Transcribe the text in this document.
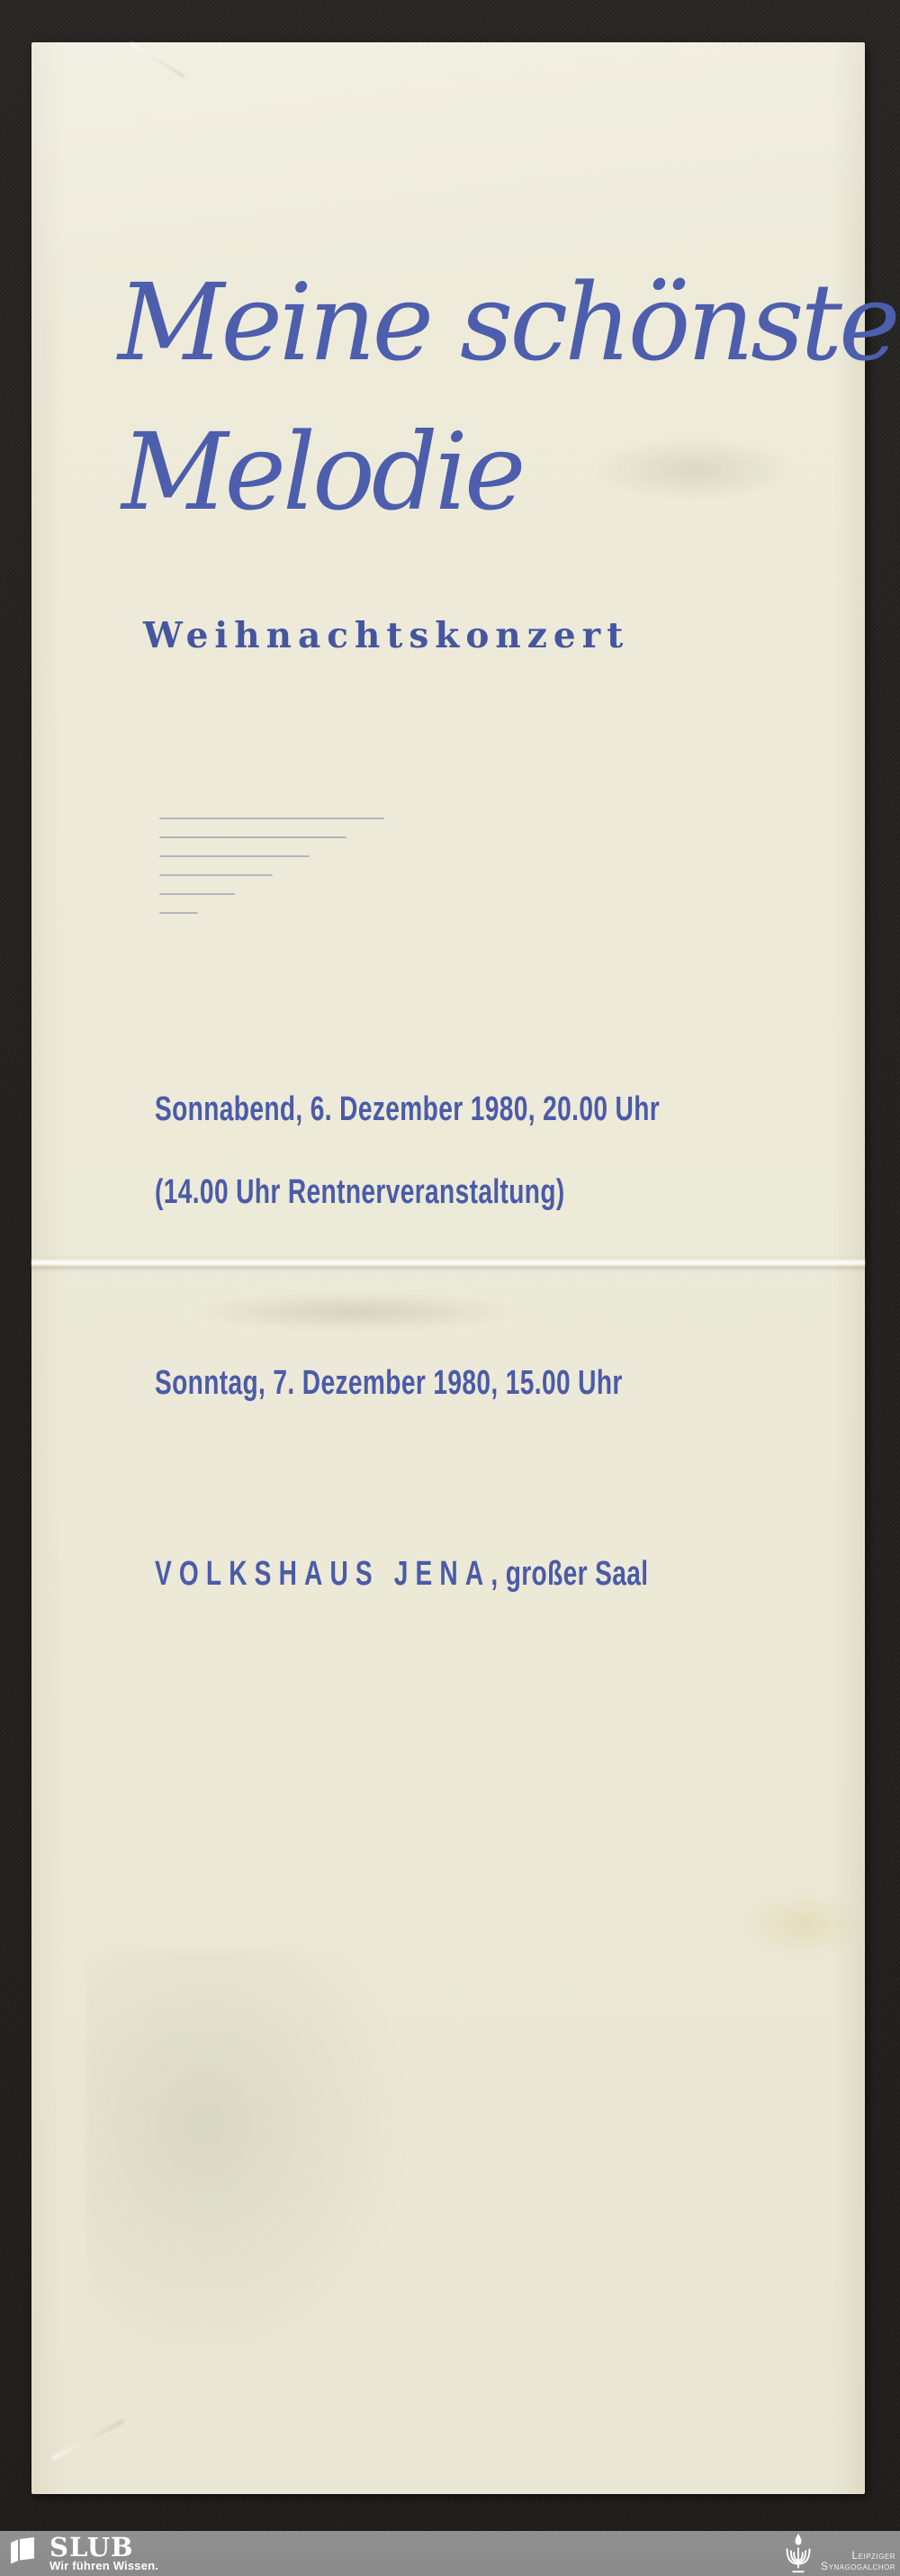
Meine schönste
Melodie
Weihnachtskonzert
Sonnabend, 6. Dezember 1980, 20.00 Uhr
(14.00 Uhr Rentnerveranstaltung)
Sonntag, 7. Dezember 1980, 15.00 Uhr
VOLKSHAUS JENA, großer Saal
SLUB
Wir führen Wissen.
Leipziger
Synagogalchor
